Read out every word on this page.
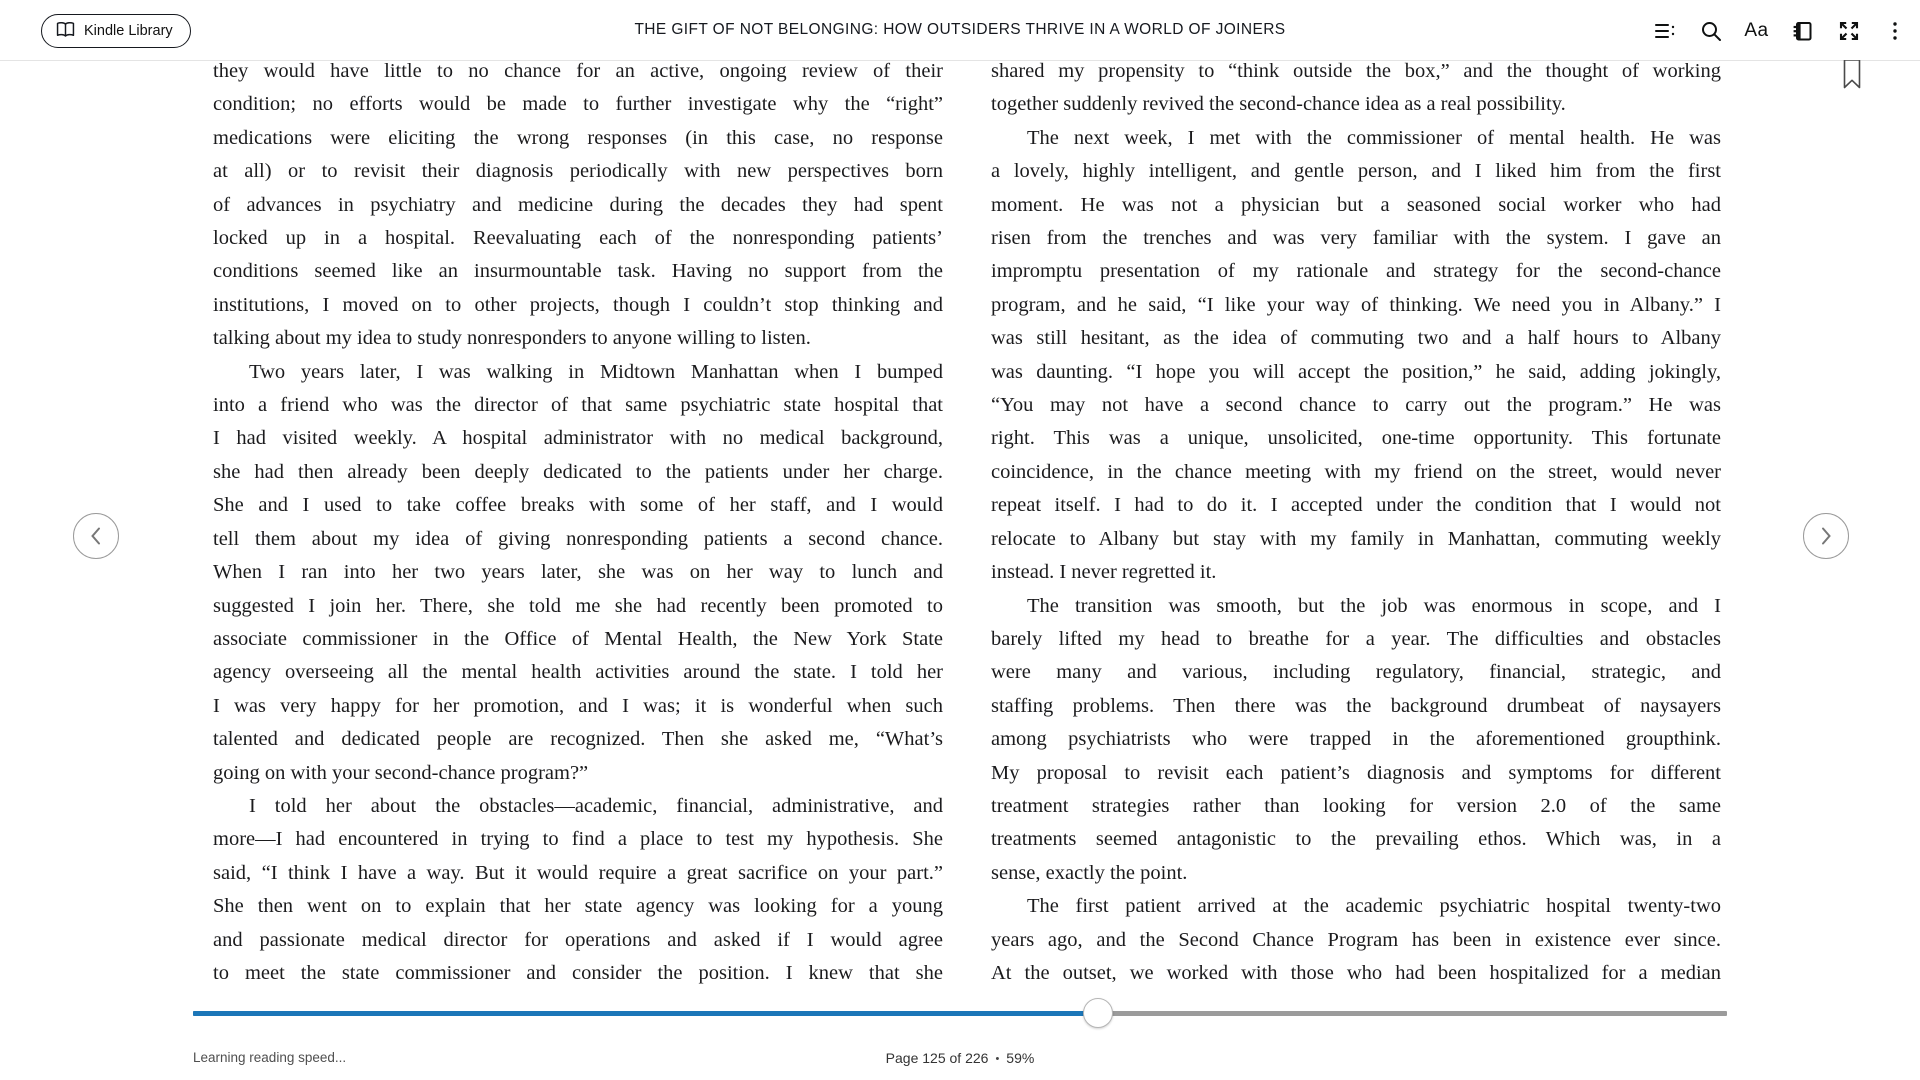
Kindle Library	THE GIFT OF NOT BELONGING: HOW OUTSIDERS THRIVE IN A WORLD OF JOINERS	Aa
they would have little to no chance for an active, ongoing review of their
condition; no efforts would be made to further investigate why the “right”
medications were eliciting the wrong responses (in this case, no response
at all) or to revisit their diagnosis periodically with new perspectives born
of advances in psychiatry and medicine during the decades they had spent
locked up in a hospital. Reevaluating each of the nonresponding patients’
conditions seemed like an insurmountable task. Having no support from the
institutions, I moved on to other projects, though I couldn’t stop thinking and
talking about my idea to study nonresponders to anyone willing to listen.
Two years later, I was walking in Midtown Manhattan when I bumped
into a friend who was the director of that same psychiatric state hospital that
I had visited weekly. A hospital administrator with no medical background,
she had then already been deeply dedicated to the patients under her charge.
She and I used to take coffee breaks with some of her staff, and I would
tell them about my idea of giving nonresponding patients a second chance.
When I ran into her two years later, she was on her way to lunch and
suggested I join her. There, she told me she had recently been promoted to
associate commissioner in the Office of Mental Health, the New York State
agency overseeing all the mental health activities around the state. I told her
I was very happy for her promotion, and I was; it is wonderful when such
talented and dedicated people are recognized. Then she asked me, “What’s
going on with your second-chance program?”
I told her about the obstacles—academic, financial, administrative, and
more—I had encountered in trying to find a place to test my hypothesis. She
said, “I think I have a way. But it would require a great sacrifice on your part.”
She then went on to explain that her state agency was looking for a young
and passionate medical director for operations and asked if I would agree
to meet the state commissioner and consider the position. I knew that she
shared my propensity to “think outside the box,” and the thought of working
together suddenly revived the second-chance idea as a real possibility.
The next week, I met with the commissioner of mental health. He was
a lovely, highly intelligent, and gentle person, and I liked him from the first
moment. He was not a physician but a seasoned social worker who had
risen from the trenches and was very familiar with the system. I gave an
impromptu presentation of my rationale and strategy for the second-chance
program, and he said, “I like your way of thinking. We need you in Albany.” I
was still hesitant, as the idea of commuting two and a half hours to Albany
was daunting. “I hope you will accept the position,” he said, adding jokingly,
“You may not have a second chance to carry out the program.” He was
right. This was a unique, unsolicited, one-time opportunity. This fortunate
coincidence, in the chance meeting with my friend on the street, would never
repeat itself. I had to do it. I accepted under the condition that I would not
relocate to Albany but stay with my family in Manhattan, commuting weekly
instead. I never regretted it.
The transition was smooth, but the job was enormous in scope, and I
barely lifted my head to breathe for a year. The difficulties and obstacles
were many and various, including regulatory, financial, strategic, and
staffing problems. Then there was the background drumbeat of naysayers
among psychiatrists who were trapped in the aforementioned groupthink.
My proposal to revisit each patient’s diagnosis and symptoms for different
treatment strategies rather than looking for version 2.0 of the same
treatments seemed antagonistic to the prevailing ethos. Which was, in a
sense, exactly the point.
The first patient arrived at the academic psychiatric hospital twenty-two
years ago, and the Second Chance Program has been in existence ever since.
At the outset, we worked with those who had been hospitalized for a median
Learning reading speed...	Page 125 of 226 • 59%
